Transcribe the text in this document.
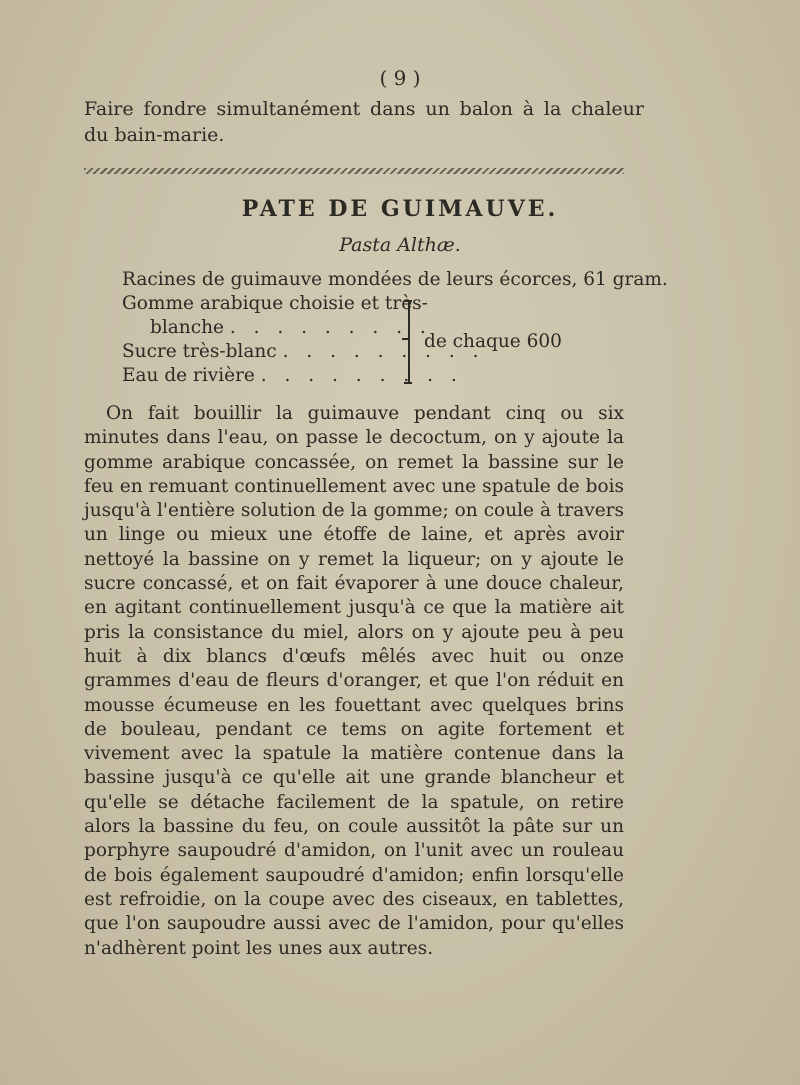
( 9 )
Faire fondre simultanément dans un balon à la chaleur du bain-marie.
PATE DE GUIMAUVE.
Pasta Althæ.
Racines de guimauve mondées de leurs écorces, 61 gram.
Gomme arabique choisie et très-
blanche . . . . . . . . .
Sucre très-blanc . . . . . . . . .
Eau de rivière . . . . . . . . .
de chaque 600
On fait bouillir la guimauve pendant cinq ou six minutes dans l'eau, on passe le decoctum, on y ajoute la gomme arabique concassée, on remet la bassine sur le feu en remuant continuellement avec une spatule de bois jusqu'à l'entière solution de la gomme; on coule à travers un linge ou mieux une étoffe de laine, et après avoir nettoyé la bassine on y remet la liqueur; on y ajoute le sucre concassé, et on fait évaporer à une douce chaleur, en agitant continuellement jusqu'à ce que la matière ait pris la consistance du miel, alors on y ajoute peu à peu huit à dix blancs d'œufs mêlés avec huit ou onze grammes d'eau de fleurs d'oranger, et que l'on réduit en mousse écumeuse en les fouettant avec quelques brins de bouleau, pendant ce tems on agite fortement et vivement avec la spatule la matière contenue dans la bassine jusqu'à ce qu'elle ait une grande blancheur et qu'elle se détache facilement de la spatule, on retire alors la bassine du feu, on coule aussitôt la pâte sur un porphyre saupoudré d'amidon, on l'unit avec un rouleau de bois également saupoudré d'amidon; enfin lorsqu'elle est refroidie, on la coupe avec des ciseaux, en tablettes, que l'on saupoudre aussi avec de l'amidon, pour qu'elles n'adhèrent point les unes aux autres.
